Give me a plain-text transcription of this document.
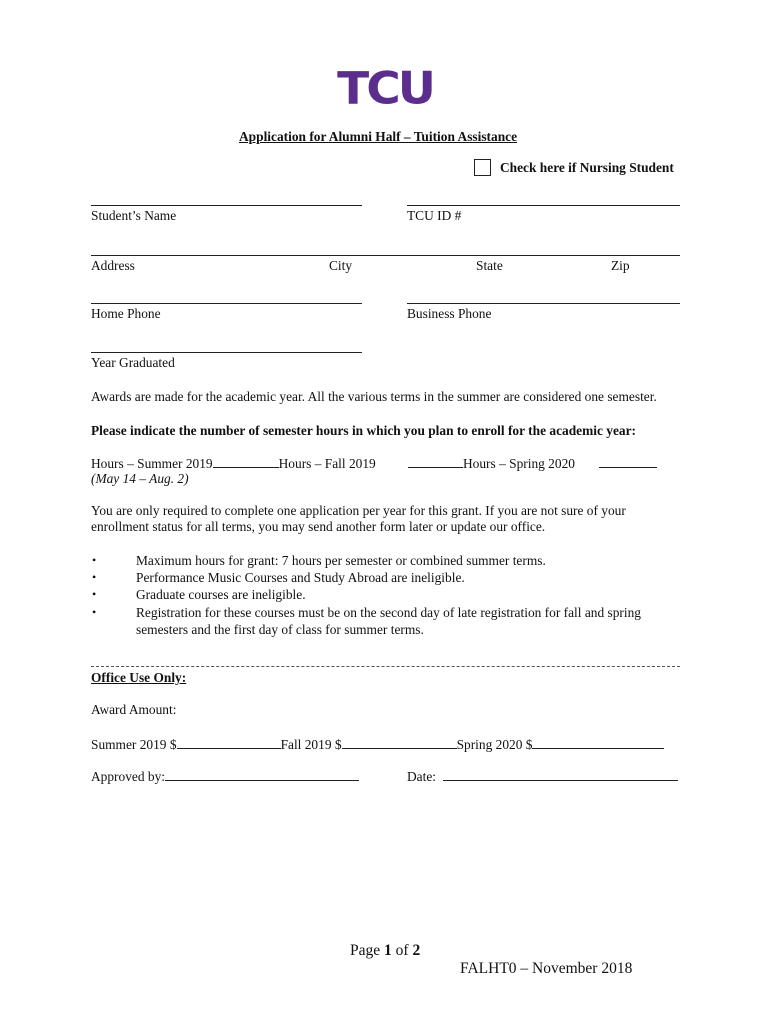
TCU
Application for Alumni Half – Tuition Assistance
Check here if Nursing Student
Student’s Name	TCU ID #
Address	City	State	Zip
Home Phone	Business Phone
Year Graduated
Awards are made for the academic year. All the various terms in the summer are considered one semester.
Please indicate the number of semester hours in which you plan to enroll for the academic year:
Hours – Summer 2019	Hours – Fall 2019	Hours – Spring 2020
(May 14 – Aug. 2)
You are only required to complete one application per year for this grant. If you are not sure of your
enrollment status for all terms, you may send another form later or update our office.
•	Maximum hours for grant: 7 hours per semester or combined summer terms.
•	Performance Music Courses and Study Abroad are ineligible.
•	Graduate courses are ineligible.
•	Registration for these courses must be on the second day of late registration for fall and spring
semesters and the first day of class for summer terms.
Office Use Only:
Award Amount:
Summer 2019 $	Fall 2019 $	Spring 2020 $
Approved by:	Date:
Page 1 of 2
FALHT0 – November 2018
